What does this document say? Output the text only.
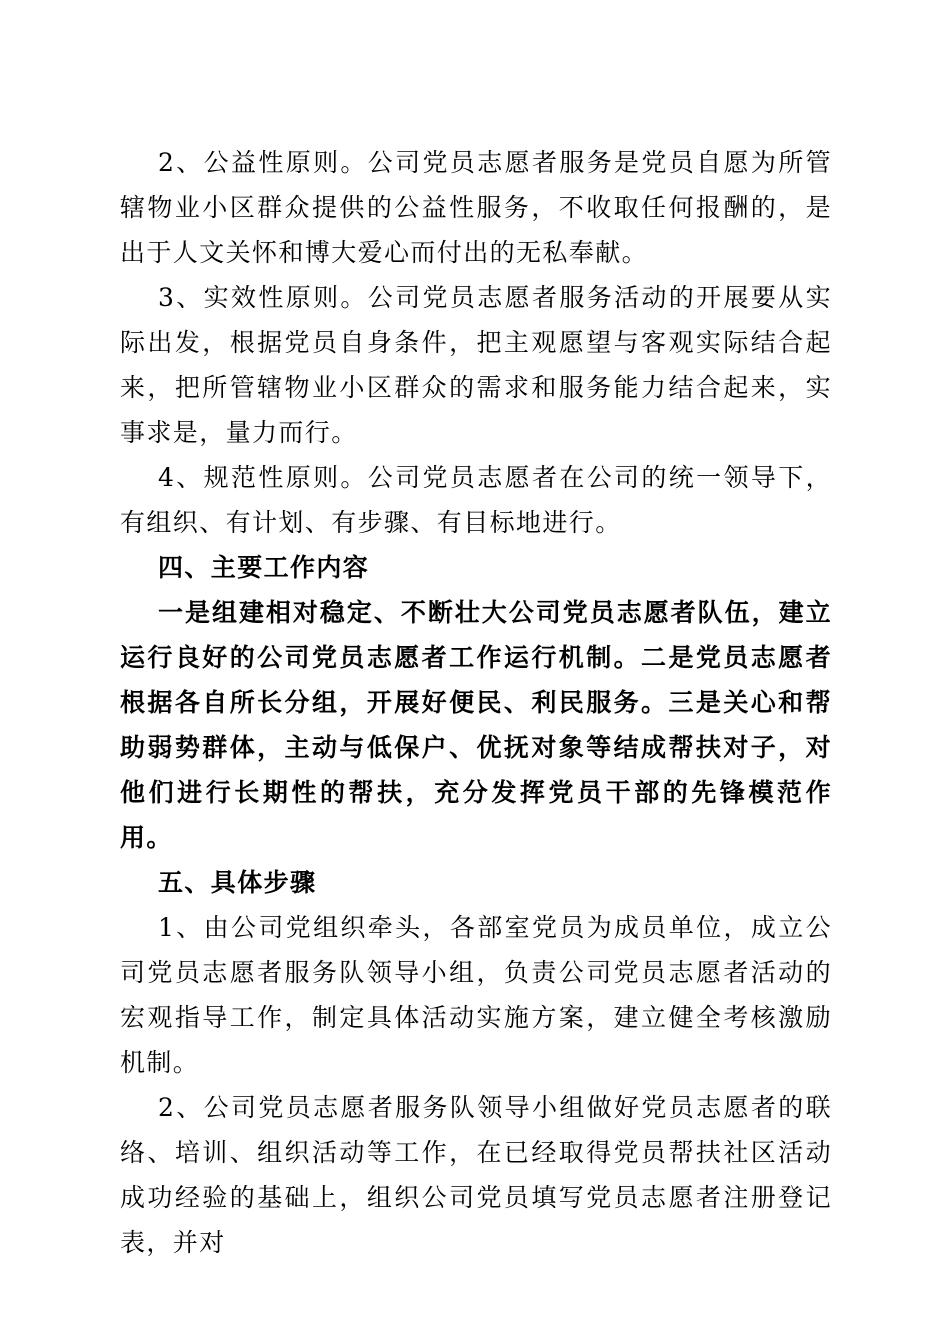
2、公益性原则。公司党员志愿者服务是党员自愿为所管辖物业小区群众提供的公益性服务，不收取任何报酬的，是出于人文关怀和博大爱心而付出的无私奉献。

3、实效性原则。公司党员志愿者服务活动的开展要从实际出发，根据党员自身条件，把主观愿望与客观实际结合起来，把所管辖物业小区群众的需求和服务能力结合起来，实事求是，量力而行。

4、规范性原则。公司党员志愿者在公司的统一领导下，有组织、有计划、有步骤、有目标地进行。

四、主要工作内容

一是组建相对稳定、不断壮大公司党员志愿者队伍，建立运行良好的公司党员志愿者工作运行机制。二是党员志愿者根据各自所长分组，开展好便民、利民服务。三是关心和帮助弱势群体，主动与低保户、优抚对象等结成帮扶对子，对他们进行长期性的帮扶，充分发挥党员干部的先锋模范作用。

五、具体步骤

1、由公司党组织牵头，各部室党员为成员单位，成立公司党员志愿者服务队领导小组，负责公司党员志愿者活动的宏观指导工作，制定具体活动实施方案，建立健全考核激励机制。

2、公司党员志愿者服务队领导小组做好党员志愿者的联络、培训、组织活动等工作，在已经取得党员帮扶社区活动成功经验的基础上，组织公司党员填写党员志愿者注册登记表，并对
